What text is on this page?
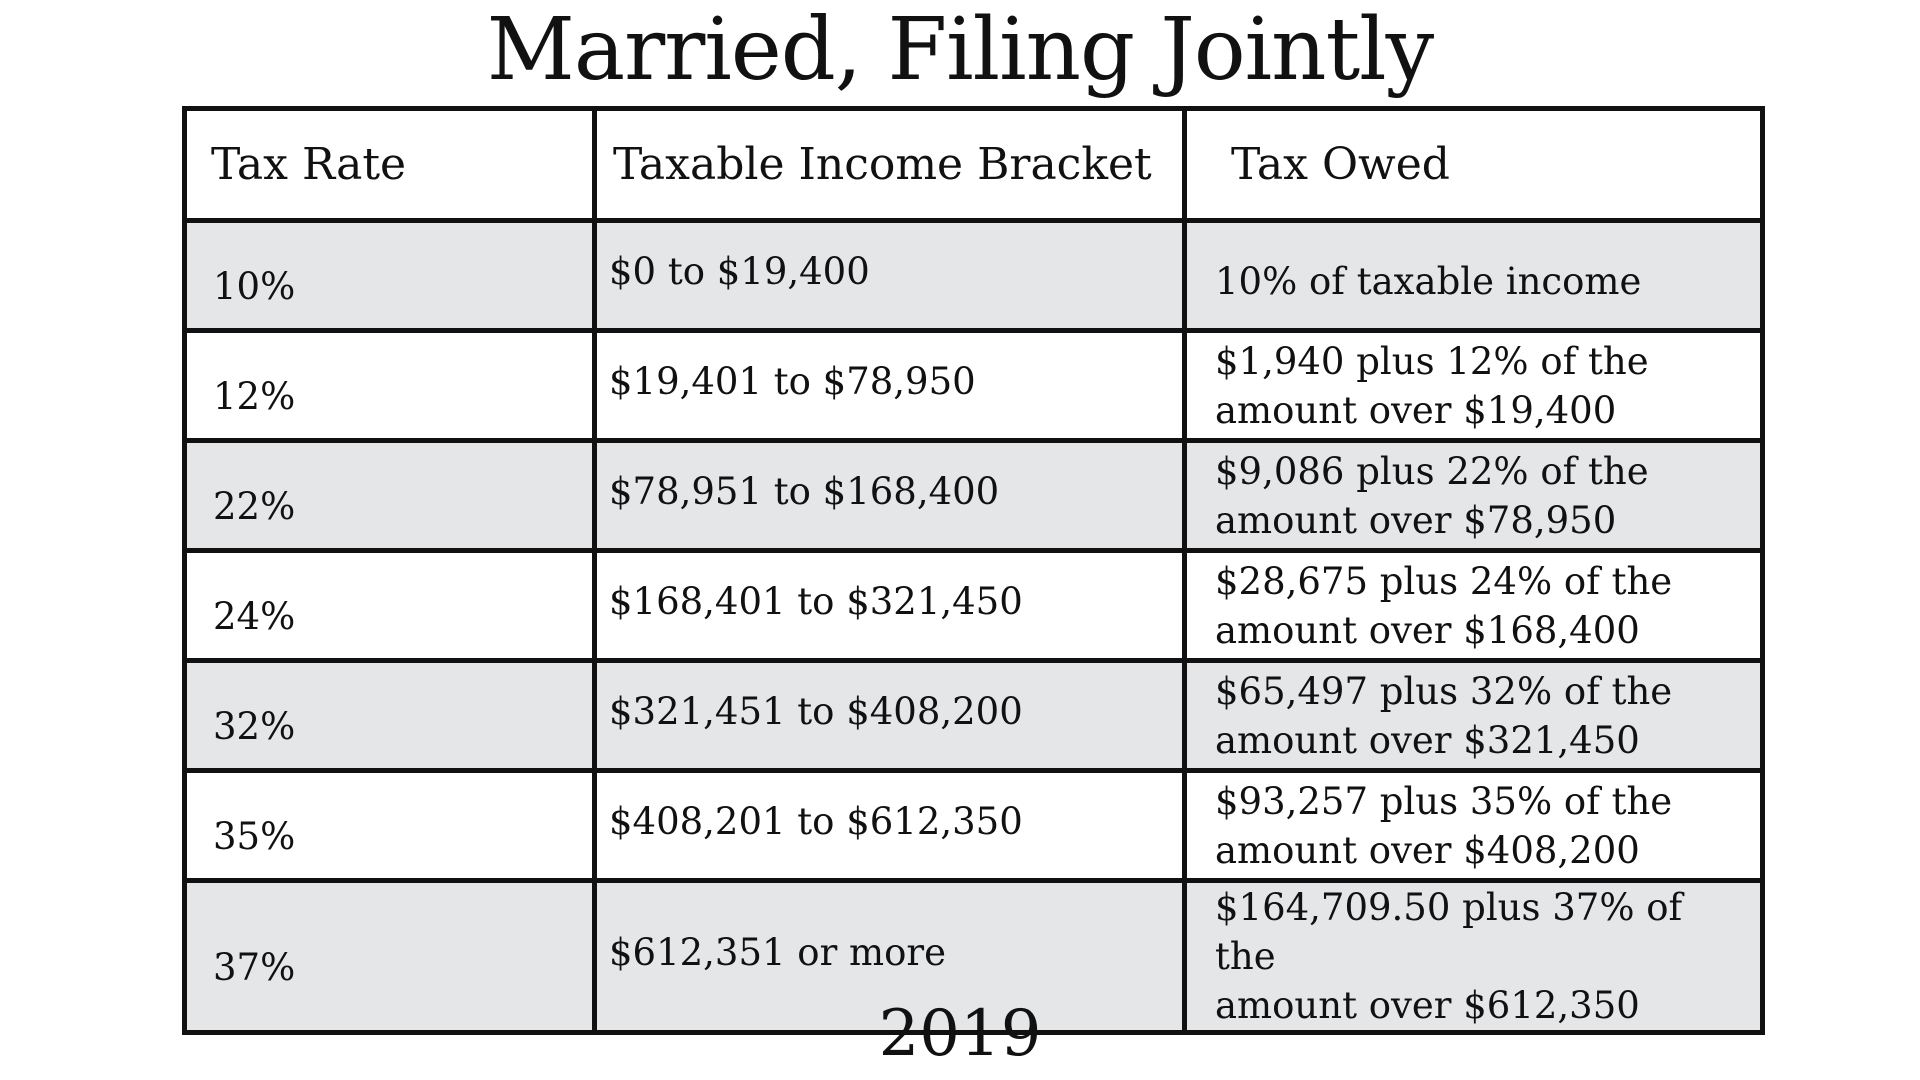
Married, Filing Jointly
Tax Rate	Taxable Income Bracket	Tax Owed
10%	$0 to $19,400	10% of taxable income

12%	$19,401 to $78,950	$1,940 plus 12% of the
amount over $19,400

22%	$78,951 to $168,400	$9,086 plus 22% of the
amount over $78,950

24%	$168,401 to $321,450	$28,675 plus 24% of the
amount over $168,400

32%	$321,451 to $408,200	$65,497 plus 32% of the
amount over $321,450

35%	$408,201 to $612,350	$93,257 plus 35% of the
amount over $408,200

37%	$612,351 or more	$164,709.50 plus 37% of the
amount over $612,350
2019
